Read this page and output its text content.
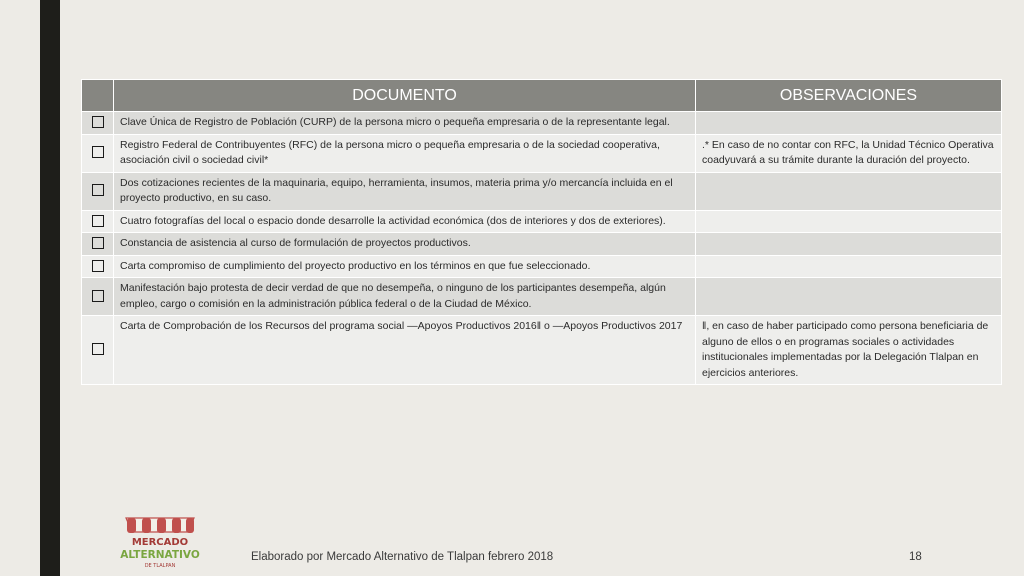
	DOCUMENTO	OBSERVACIONES
	Clave Única de Registro de Población (CURP) de la persona micro o pequeña empresaria o de la representante legal.	
	Registro Federal de Contribuyentes (RFC) de la persona micro o pequeña empresaria o de la sociedad cooperativa, asociación civil o sociedad civil*	.* En caso de no contar con RFC, la Unidad Técnico Operativa coadyuvará a su trámite durante la duración del proyecto.
	Dos cotizaciones recientes de la maquinaria, equipo, herramienta, insumos, materia prima y/o mercancía incluida en el proyecto productivo, en su caso.	
	Cuatro fotografías del local o espacio donde desarrolle la actividad económica (dos de interiores y dos de exteriores).	
	Constancia de asistencia al curso de formulación de proyectos productivos.	
	Carta compromiso de cumplimiento del proyecto productivo en los términos en que fue seleccionado.	
	Manifestación bajo protesta de decir verdad de que no desempeña, o ninguno de los participantes desempeña, algún empleo, cargo o comisión en la administración pública federal o de la Ciudad de México.	
	Carta de Comprobación de los Recursos del programa social ―Apoyos Productivos 2016‖ o ―Apoyos Productivos 2017	‖, en caso de haber participado como persona beneficiaria de alguno de ellos o en programas sociales o actividades institucionales implementadas por la Delegación Tlalpan en ejercicios anteriores.
MERCADO
ALTERNATIVO
DE TLALPAN
Elaborado por Mercado Alternativo de Tlalpan febrero 2018	18
